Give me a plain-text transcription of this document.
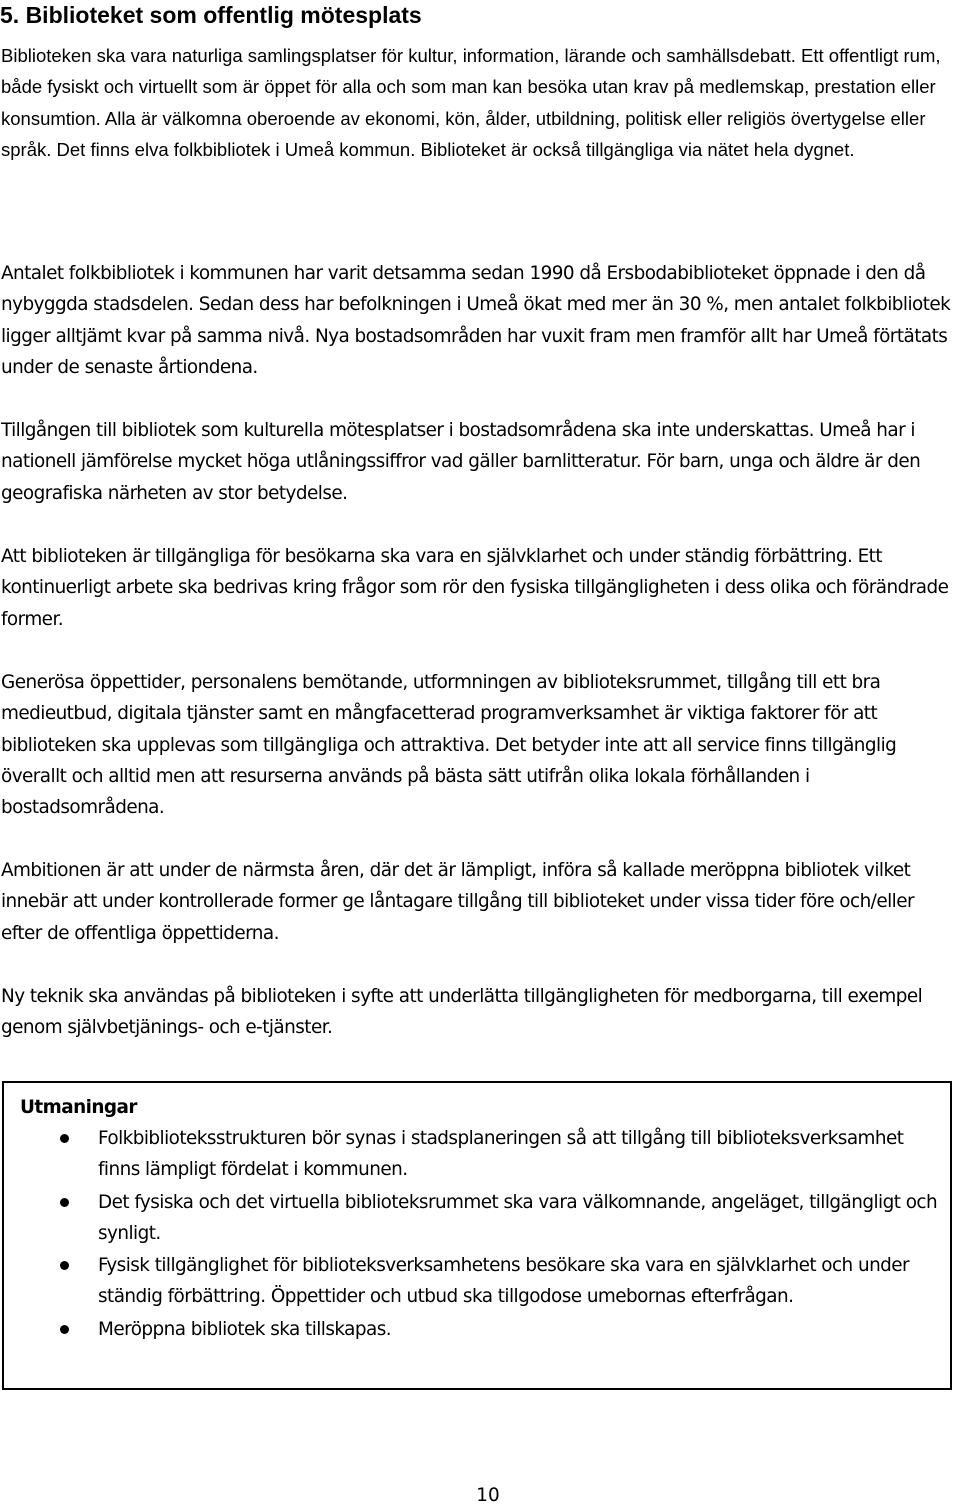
5. Biblioteket som offentlig mötesplats

Biblioteken ska vara naturliga samlingsplatser för kultur, information, lärande och samhällsdebatt. Ett offentligt rum, både fysiskt och virtuellt som är öppet för alla och som man kan besöka utan krav på medlemskap, prestation eller konsumtion. Alla är välkomna oberoende av ekonomi, kön, ålder, utbildning, politisk eller religiös övertygelse eller språk. Det finns elva folkbibliotek i Umeå kommun. Biblioteket är också tillgängliga via nätet hela dygnet.

Antalet folkbibliotek i kommunen har varit detsamma sedan 1990 då Ersbodabiblioteket öppnade i den då nybyggda stadsdelen. Sedan dess har befolkningen i Umeå ökat med mer än 30 %, men antalet folkbibliotek ligger alltjämt kvar på samma nivå. Nya bostadsområden har vuxit fram men framför allt har Umeå förtätats under de senaste årtiondena.

Tillgången till bibliotek som kulturella mötesplatser i bostadsområdena ska inte underskattas. Umeå har i nationell jämförelse mycket höga utlåningssiffror vad gäller barnlitteratur. För barn, unga och äldre är den geografiska närheten av stor betydelse.

Att biblioteken är tillgängliga för besökarna ska vara en självklarhet och under ständig förbättring. Ett kontinuerligt arbete ska bedrivas kring frågor som rör den fysiska tillgängligheten i dess olika och förändrade former.

Generösa öppettider, personalens bemötande, utformningen av biblioteksrummet, tillgång till ett bra medieutbud, digitala tjänster samt en mångfacetterad programverksamhet är viktiga faktorer för att biblioteken ska upplevas som tillgängliga och attraktiva. Det betyder inte att all service finns tillgänglig överallt och alltid men att resurserna används på bästa sätt utifrån olika lokala förhållanden i bostadsområdena.

Ambitionen är att under de närmsta åren, där det är lämpligt, införa så kallade meröppna bibliotek vilket innebär att under kontrollerade former ge låntagare tillgång till biblioteket under vissa tider före och/eller efter de offentliga öppettiderna.

Ny teknik ska användas på biblioteken i syfte att underlätta tillgängligheten för medborgarna, till exempel genom självbetjänings- och e-tjänster.

Utmaningar

Folkbiblioteksstrukturen bör synas i stadsplaneringen så att tillgång till biblioteksverksamhet finns lämpligt fördelat i kommunen.
Det fysiska och det virtuella biblioteksrummet ska vara välkomnande, angeläget, tillgängligt och synligt.
Fysisk tillgänglighet för biblioteksverksamhetens besökare ska vara en självklarhet och under ständig förbättring. Öppettider och utbud ska tillgodose umebornas efterfrågan.
Meröppna bibliotek ska tillskapas.

10
